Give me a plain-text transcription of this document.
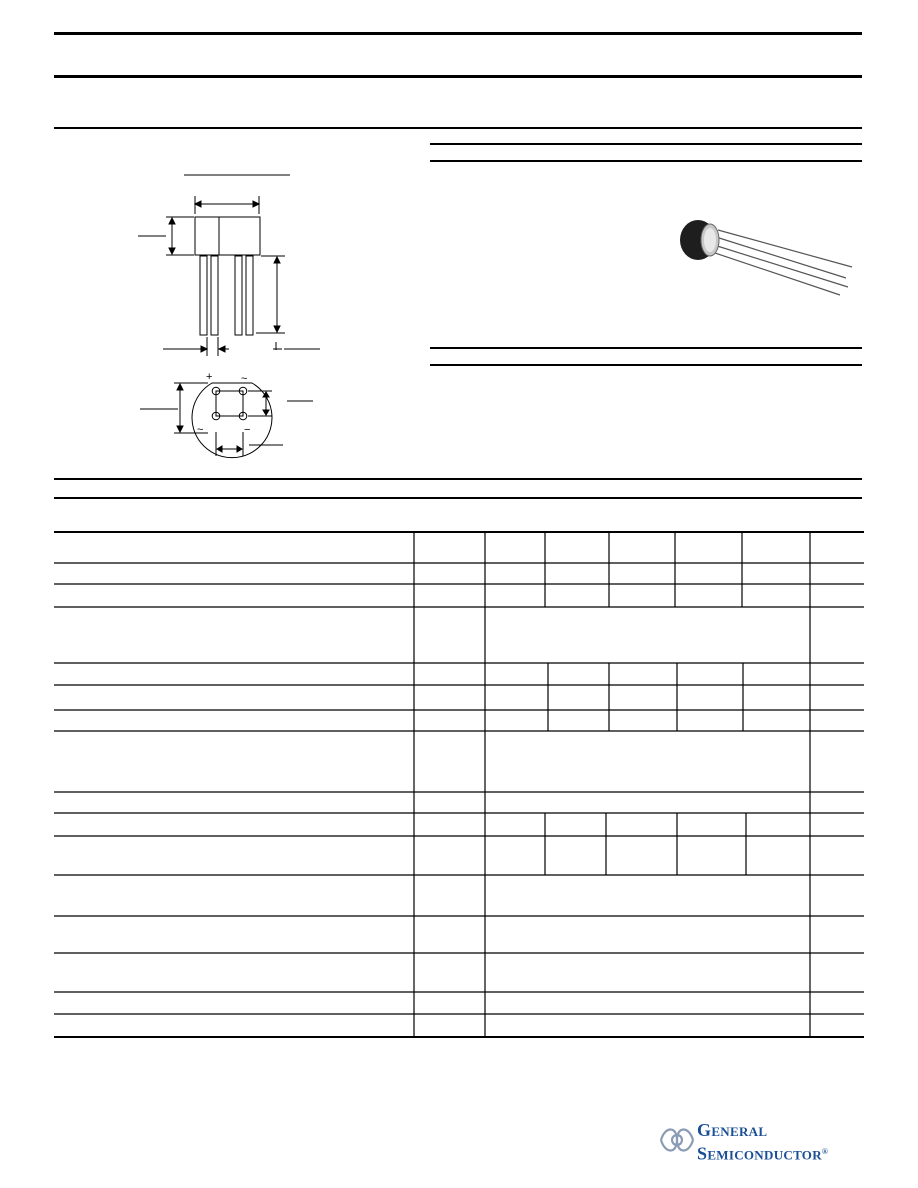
+	~
~	−
GENERAL
SEMICONDUCTOR®
